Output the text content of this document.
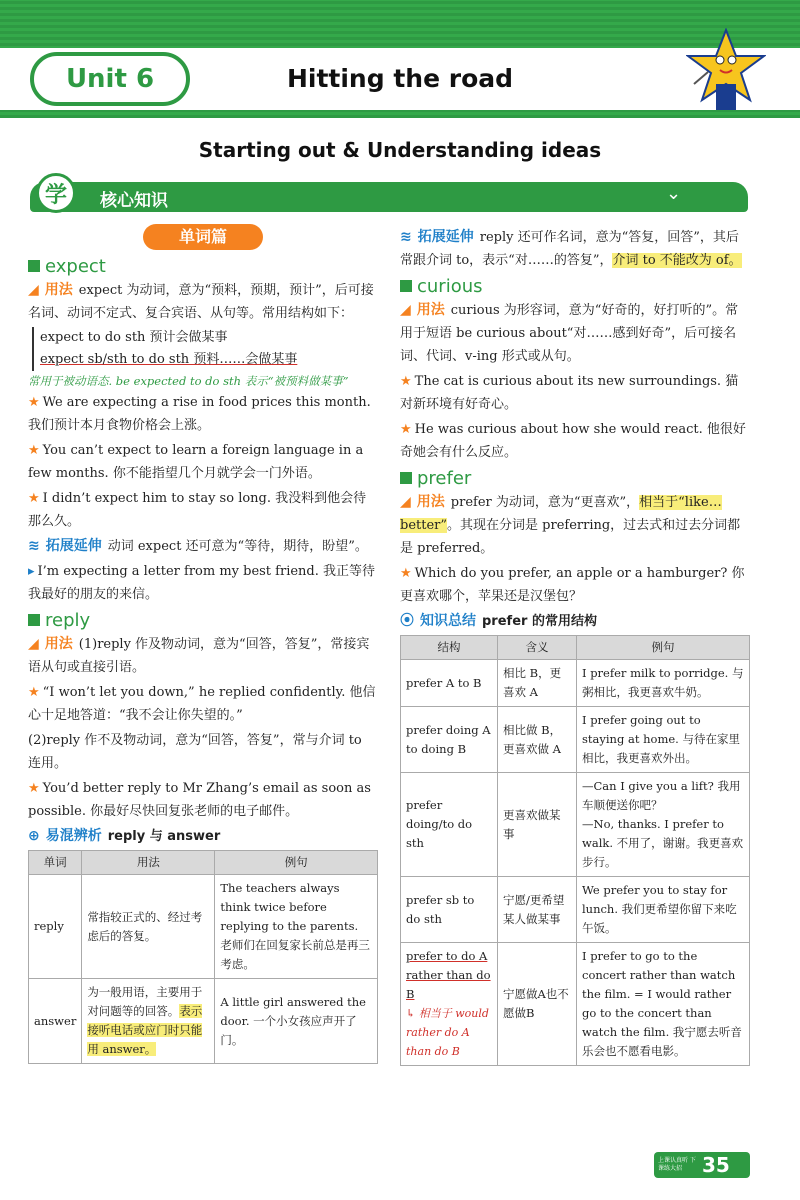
Unit 6	Hitting the road
Starting out & Understanding ideas
学	核心知识	⌄
单词篇
expect

◢ 用法 expect 为动词，意为“预料，预期，预计”，后可接名词、动词不定式、复合宾语、从句等。常用结构如下：

expect to do sth 预计会做某事
expect sb/sth to do sth 预料……会做某事
常用于被动语态. be expected to do sth 表示“被预料做某事”

★ We are expecting a rise in food prices this month. 我们预计本月食物价格会上涨。

★ You can’t expect to learn a foreign language in a few months. 你不能指望几个月就学会一门外语。

★ I didn’t expect him to stay so long. 我没料到他会待那么久。

≋ 拓展延伸 动词 expect 还可意为“等待，期待，盼望”。

▸ I’m expecting a letter from my best friend. 我正等待我最好的朋友的来信。

reply

◢ 用法 (1)reply 作及物动词，意为“回答，答复”，常接宾语从句或直接引语。

★ “I won’t let you down,” he replied confidently. 他信心十足地答道：“我不会让你失望的。”

(2)reply 作不及物动词，意为“回答，答复”，常与介词 to 连用。

★ You’d better reply to Mr Zhang’s email as soon as possible. 你最好尽快回复张老师的电子邮件。

⊕ 易混辨析 reply 与 answer

单词	用法	例句
reply	常指较正式的、经过考虑后的答复。	The teachers always think twice before replying to the parents. 老师们在回复家长前总是再三考虑。
answer	为一般用语，主要用于对问题等的回答。表示接听电话或应门时只能用 answer。	A little girl answered the door. 一个小女孩应声开了门。

≋ 拓展延伸 reply 还可作名词，意为“答复，回答”，其后常跟介词 to，表示“对……的答复”，介词 to 不能改为 of。

curious

◢ 用法 curious 为形容词，意为“好奇的，好打听的”。常用于短语 be curious about“对……感到好奇”，后可接名词、代词、v-ing 形式或从句。

★ The cat is curious about its new surroundings. 猫对新环境有好奇心。

★ He was curious about how she would react. 他很好奇她会有什么反应。

prefer

◢ 用法 prefer 为动词，意为“更喜欢”，相当于“like… better”。其现在分词是 preferring，过去式和过去分词都是 preferred。

★ Which do you prefer, an apple or a hamburger? 你更喜欢哪个，苹果还是汉堡包？

⦿ 知识总结 prefer 的常用结构

结构	含义	例句
prefer A to B	相比 B，更喜欢 A	I prefer milk to porridge. 与粥相比，我更喜欢牛奶。
prefer doing A to doing B	相比做 B，更喜欢做 A	I prefer going out to staying at home. 与待在家里相比，我更喜欢外出。
prefer doing/to do sth	更喜欢做某事	—Can I give you a lift? 我用车顺便送你吧？
—No, thanks. I prefer to walk. 不用了，谢谢。我更喜欢步行。

prefer sb to do sth	宁愿/更希望某人做某事	We prefer you to stay for lunch. 我们更希望你留下来吃午饭。

prefer to do A rather than do B
↳ 相当于 would rather do A than do B	宁愿做A也不愿做B	I prefer to go to the concert rather than watch the film. = I would rather go to the concert than watch the film. 我宁愿去听音乐会也不愿看电影。
上课认真听 下课练大招 35
